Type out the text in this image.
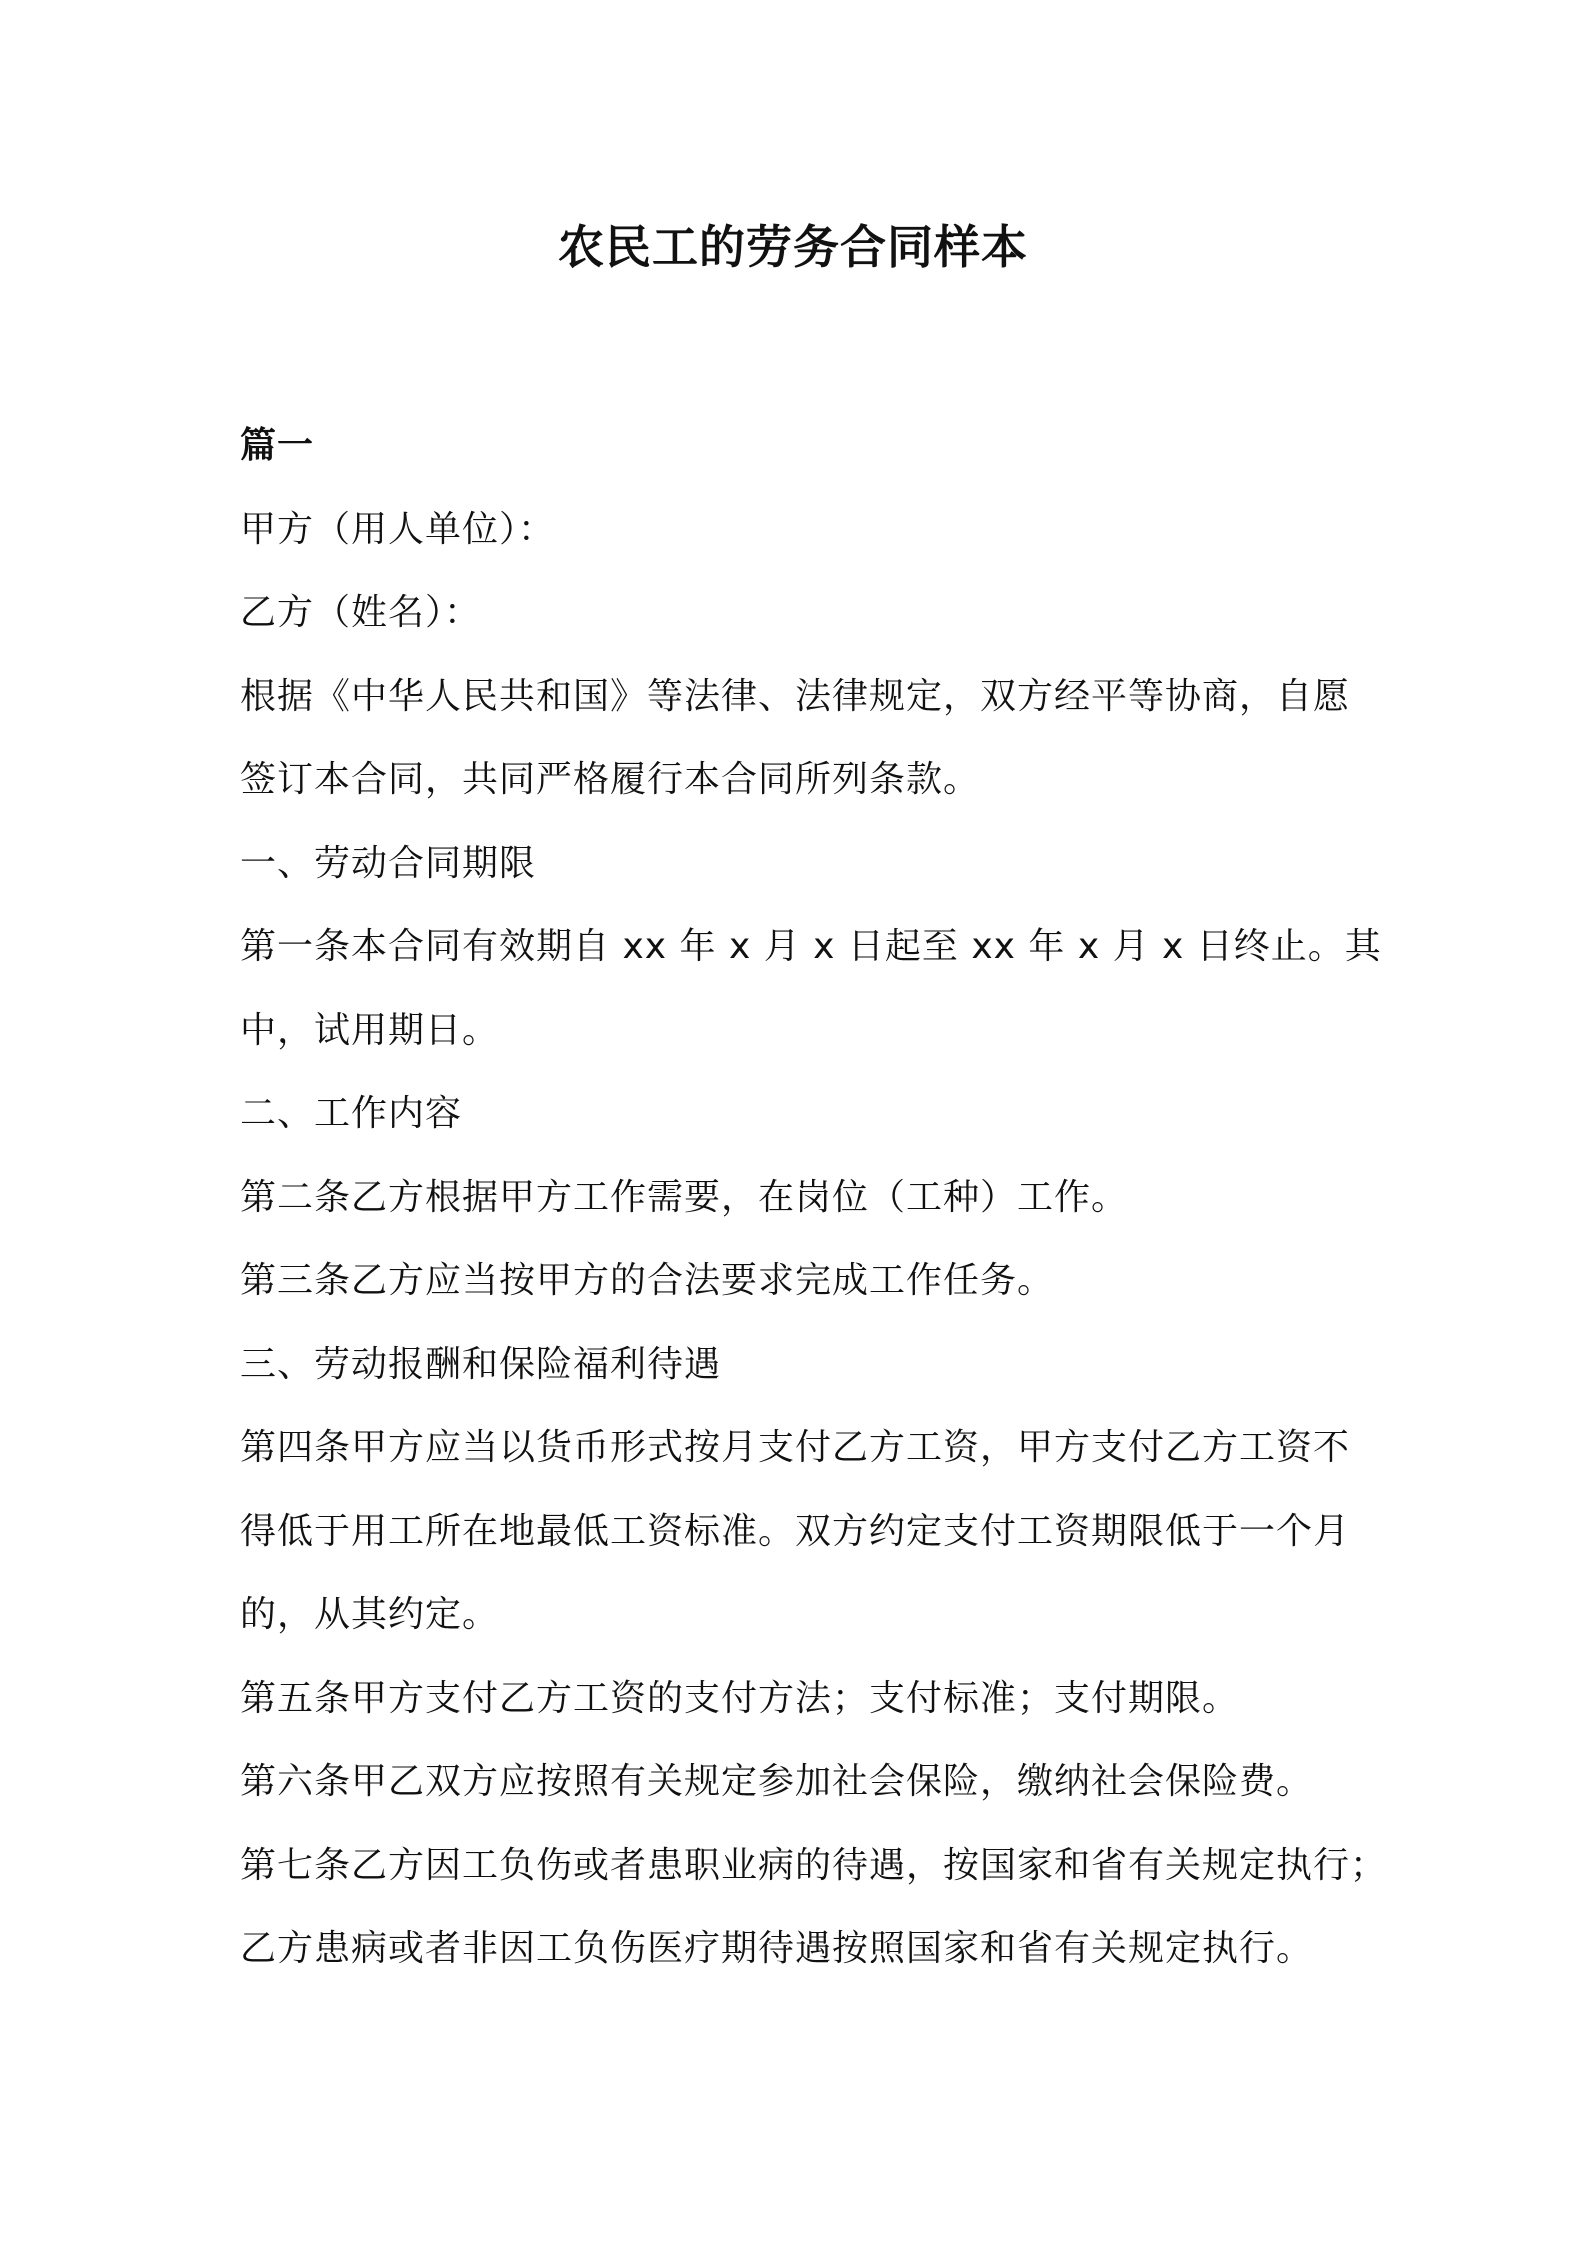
农民工的劳务合同样本
篇一
甲方（用人单位）：
乙方（姓名）：
根据《中华人民共和国》等法律、法律规定，双方经平等协商，自愿
签订本合同，共同严格履行本合同所列条款。
一、劳动合同期限
第一条本合同有效期自 xx 年 x 月 x 日起至 xx 年 x 月 x 日终止。其
中，试用期日。
二、工作内容
第二条乙方根据甲方工作需要，在岗位（工种）工作。
第三条乙方应当按甲方的合法要求完成工作任务。
三、劳动报酬和保险福利待遇
第四条甲方应当以货币形式按月支付乙方工资，甲方支付乙方工资不
得低于用工所在地最低工资标准。双方约定支付工资期限低于一个月
的，从其约定。
第五条甲方支付乙方工资的支付方法；支付标准；支付期限。
第六条甲乙双方应按照有关规定参加社会保险，缴纳社会保险费。
第七条乙方因工负伤或者患职业病的待遇，按国家和省有关规定执行；
乙方患病或者非因工负伤医疗期待遇按照国家和省有关规定执行。
